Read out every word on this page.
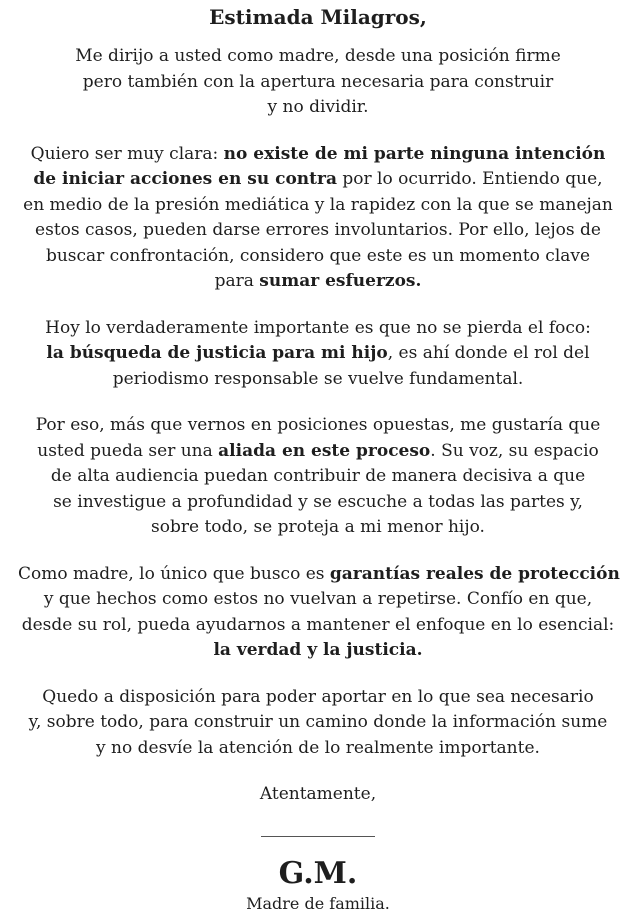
Estimada Milagros,
Me dirijo a usted como madre, desde una posición firme
pero también con la apertura necesaria para construir
y no dividir.
Quiero ser muy clara: no existe de mi parte ninguna intención
de iniciar acciones en su contra por lo ocurrido. Entiendo que,
en medio de la presión mediática y la rapidez con la que se manejan
estos casos, pueden darse errores involuntarios. Por ello, lejos de
buscar confrontación, considero que este es un momento clave
para sumar esfuerzos.
Hoy lo verdaderamente importante es que no se pierda el foco:
la búsqueda de justicia para mi hijo, es ahí donde el rol del
periodismo responsable se vuelve fundamental.
Por eso, más que vernos en posiciones opuestas, me gustaría que
usted pueda ser una aliada en este proceso. Su voz, su espacio
de alta audiencia puedan contribuir de manera decisiva a que
se investigue a profundidad y se escuche a todas las partes y,
sobre todo, se proteja a mi menor hijo.
Como madre, lo único que busco es garantías reales de protección
y que hechos como estos no vuelvan a repetirse. Confío en que,
desde su rol, pueda ayudarnos a mantener el enfoque en lo esencial:
la verdad y la justicia.
Quedo a disposición para poder aportar en lo que sea necesario
y, sobre todo, para construir un camino donde la información sume
y no desvíe la atención de lo realmente importante.
Atentamente,
G.M.
Madre de familia.
